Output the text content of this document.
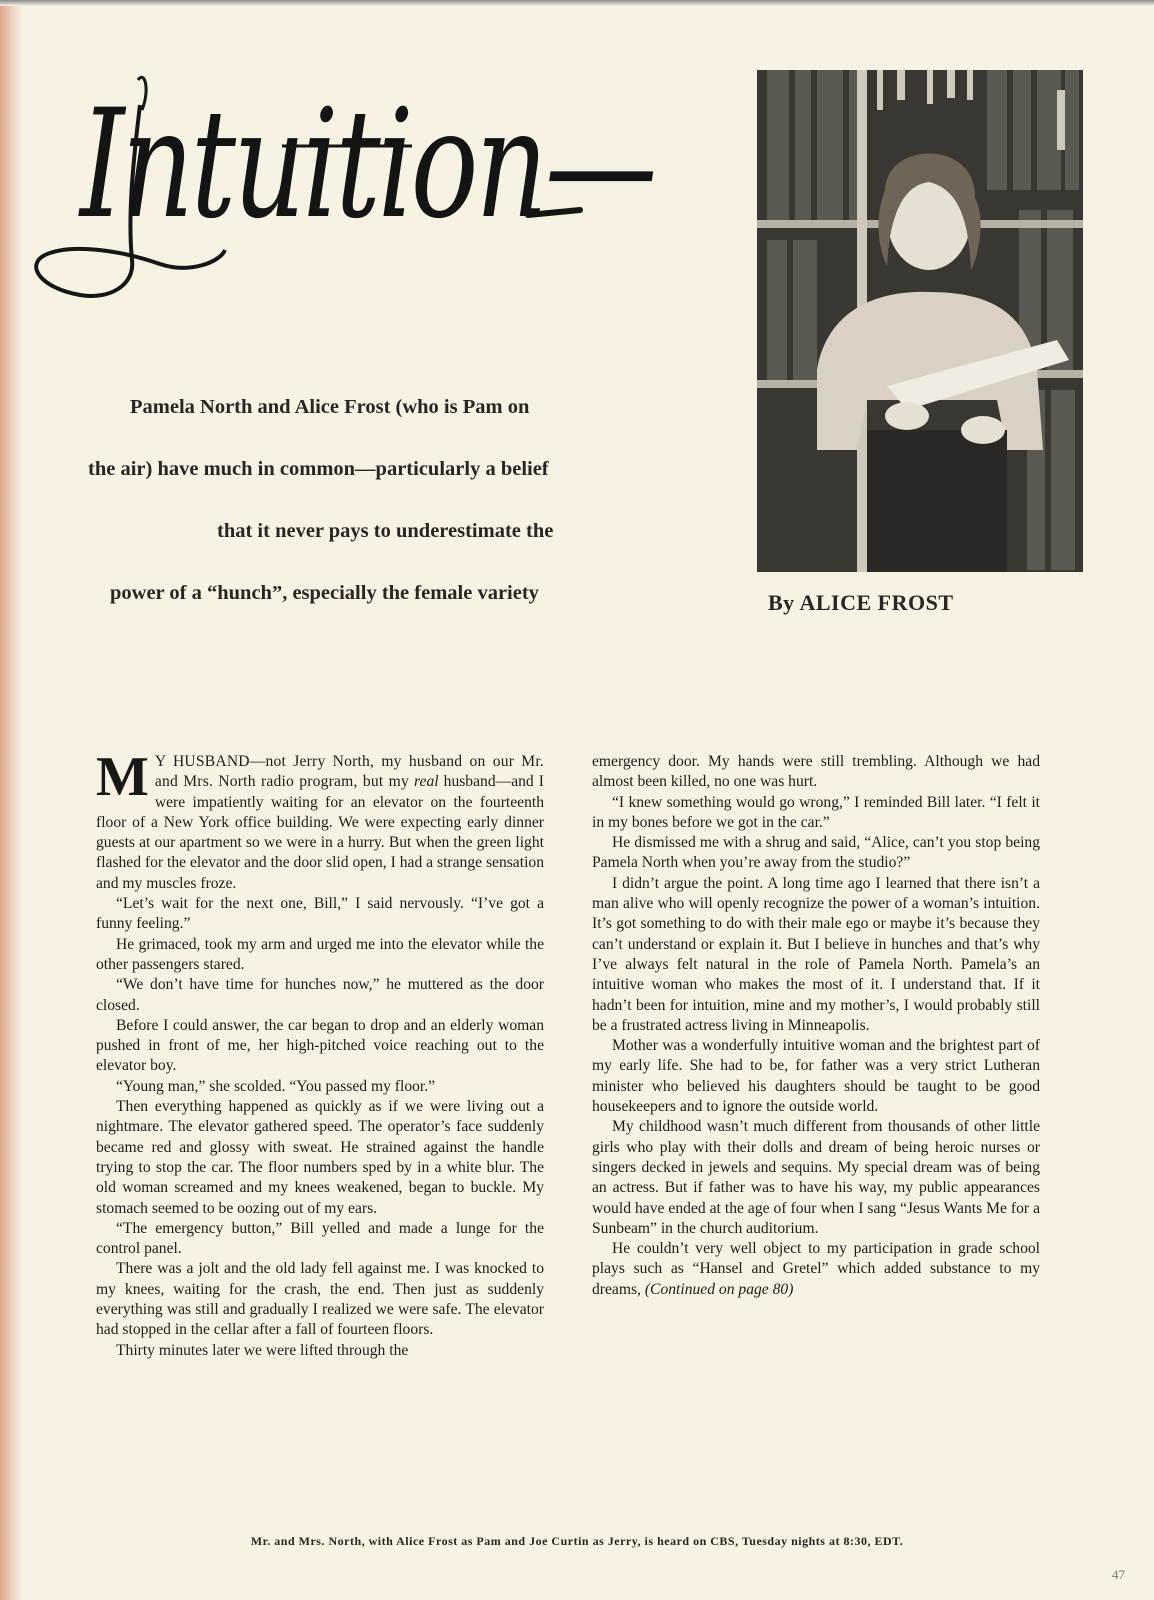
Intuition—
Pamela North and Alice Frost (who is Pam on
the air) have much in common—particularly a belief
that it never pays to underestimate the
power of a “hunch”, especially the female variety	By ALICE FROST

M Y HUSBAND—not Jerry North, my husband on our Mr. and Mrs. North radio program, but my real husband—and I were impatiently waiting for an elevator on the fourteenth floor of a New York office building. We were expecting early dinner guests at our apartment so we were in a hurry. But when the green light flashed for the elevator and the door slid open, I had a strange sensation and my muscles froze.

“Let’s wait for the next one, Bill,” I said nervously. “I’ve got a funny feeling.”

He grimaced, took my arm and urged me into the elevator while the other passengers stared.

“We don’t have time for hunches now,” he muttered as the door closed.

Before I could answer, the car began to drop and an elderly woman pushed in front of me, her high-pitched voice reaching out to the elevator boy.

“Young man,” she scolded. “You passed my floor.”

Then everything happened as quickly as if we were living out a nightmare. The elevator gathered speed. The operator’s face suddenly became red and glossy with sweat. He strained against the handle trying to stop the car. The floor numbers sped by in a white blur. The old woman screamed and my knees weakened, began to buckle. My stomach seemed to be oozing out of my ears.

“The emergency button,” Bill yelled and made a lunge for the control panel.

There was a jolt and the old lady fell against me. I was knocked to my knees, waiting for the crash, the end. Then just as suddenly everything was still and gradually I realized we were safe. The elevator had stopped in the cellar after a fall of fourteen floors.

Thirty minutes later we were lifted through the

emergency door. My hands were still trembling. Although we had almost been killed, no one was hurt.

“I knew something would go wrong,” I reminded Bill later. “I felt it in my bones before we got in the car.”

He dismissed me with a shrug and said, “Alice, can’t you stop being Pamela North when you’re away from the studio?”

I didn’t argue the point. A long time ago I learned that there isn’t a man alive who will openly recognize the power of a woman’s intuition. It’s got something to do with their male ego or maybe it’s because they can’t understand or explain it. But I believe in hunches and that’s why I’ve always felt natural in the role of Pamela North. Pamela’s an intuitive woman who makes the most of it. I understand that. If it hadn’t been for intuition, mine and my mother’s, I would probably still be a frustrated actress living in Minneapolis.

Mother was a wonderfully intuitive woman and the brightest part of my early life. She had to be, for father was a very strict Lutheran minister who believed his daughters should be taught to be good housekeepers and to ignore the outside world.

My childhood wasn’t much different from thousands of other little girls who play with their dolls and dream of being heroic nurses or singers decked in jewels and sequins. My special dream was of being an actress. But if father was to have his way, my public appearances would have ended at the age of four when I sang “Jesus Wants Me for a Sunbeam” in the church auditorium.

He couldn’t very well object to my participation in grade school plays such as “Hansel and Gretel” which added substance to my dreams, (Continued on page 80)

Mr. and Mrs. North, with Alice Frost as Pam and Joe Curtin as Jerry, is heard on CBS, Tuesday nights at 8:30, EDT.
47
